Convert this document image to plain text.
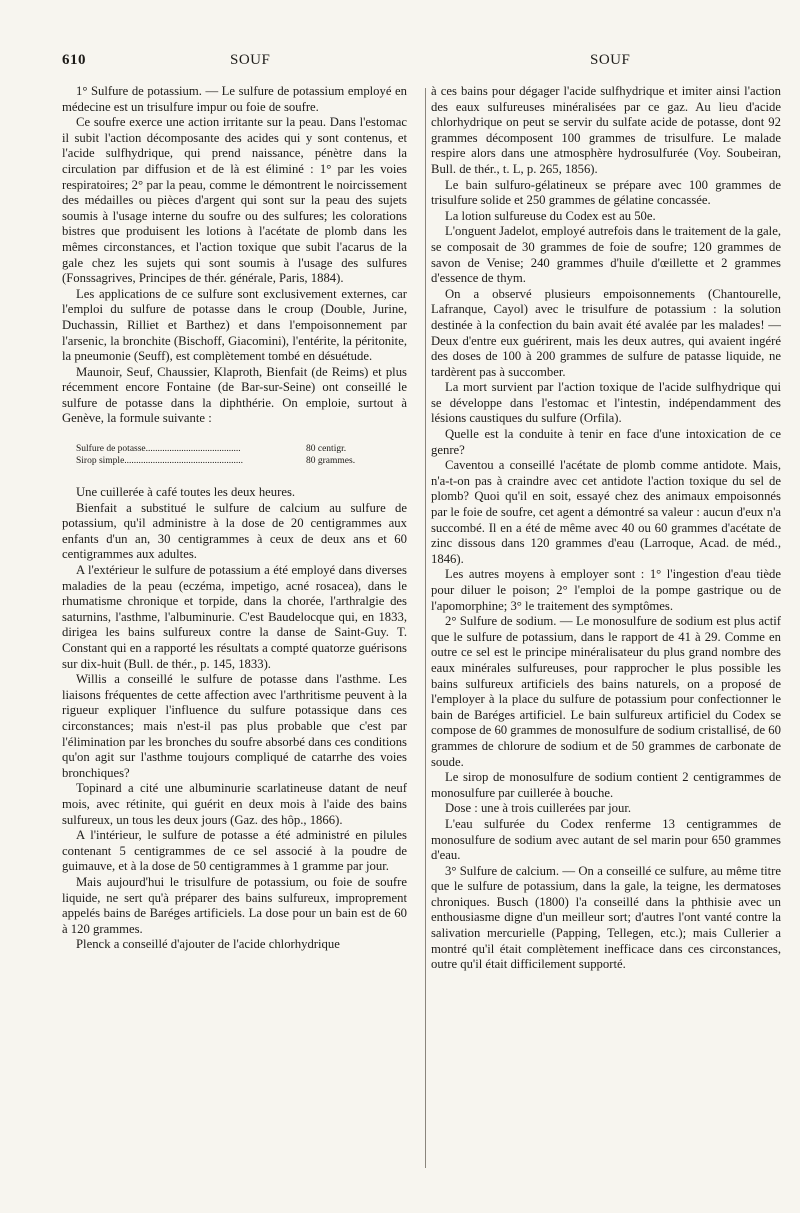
610	SOUF	SOUF

1° Sulfure de potassium. — Le sulfure de potassium employé en médecine est un trisulfure impur ou foie de soufre.

Ce soufre exerce une action irritante sur la peau. Dans l'estomac il subit l'action décomposante des acides qui y sont contenus, et l'acide sulfhydrique, qui prend naissance, pénètre dans la circulation par diffusion et de là est éliminé : 1° par les voies respiratoires; 2° par la peau, comme le démontrent le noircissement des médailles ou pièces d'argent qui sont sur la peau des sujets soumis à l'usage interne du soufre ou des sulfures; les colorations bistres que produisent les lotions à l'acétate de plomb dans les mêmes circonstances, et l'action toxique que subit l'acarus de la gale chez les sujets qui sont soumis à l'usage des sulfures (Fonssagrives, Principes de thér. générale, Paris, 1884).

Les applications de ce sulfure sont exclusivement externes, car l'emploi du sulfure de potasse dans le croup (Double, Jurine, Duchassin, Rilliet et Barthez) et dans l'empoisonnement par l'arsenic, la bronchite (Bischoff, Giacomini), l'entérite, la péritonite, la pneumonie (Seuff), est complètement tombé en désuétude.

Maunoir, Seuf, Chaussier, Klaproth, Bienfait (de Reims) et plus récemment encore Fontaine (de Bar-sur-Seine) ont conseillé le sulfure de potasse dans la diphthérie. On emploie, surtout à Genève, la formule suivante :

Sulfure de potasse........................................	80 centigr.
Sirop simple..................................................	80 grammes.

Une cuillerée à café toutes les deux heures.

Bienfait a substitué le sulfure de calcium au sulfure de potassium, qu'il administre à la dose de 20 centigrammes aux enfants d'un an, 30 centigrammes à ceux de deux ans et 60 centigrammes aux adultes.

A l'extérieur le sulfure de potassium a été employé dans diverses maladies de la peau (eczéma, impetigo, acné rosacea), dans le rhumatisme chronique et torpide, dans la chorée, l'arthralgie des saturnins, l'asthme, l'albuminurie. C'est Baudelocque qui, en 1833, dirigea les bains sulfureux contre la danse de Saint-Guy. T. Constant qui en a rapporté les résultats a compté quatorze guérisons sur dix-huit (Bull. de thér., p. 145, 1833).

Willis a conseillé le sulfure de potasse dans l'asthme. Les liaisons fréquentes de cette affection avec l'arthritisme peuvent à la rigueur expliquer l'influence du sulfure potassique dans ces circonstances; mais n'est-il pas plus probable que c'est par l'élimination par les bronches du soufre absorbé dans ces conditions qu'on agit sur l'asthme toujours compliqué de catarrhe des voies bronchiques?

Topinard a cité une albuminurie scarlatineuse datant de neuf mois, avec rétinite, qui guérit en deux mois à l'aide des bains sulfureux, un tous les deux jours (Gaz. des hôp., 1866).

A l'intérieur, le sulfure de potasse a été administré en pilules contenant 5 centigrammes de ce sel associé à la poudre de guimauve, et à la dose de 50 centigrammes à 1 gramme par jour.

Mais aujourd'hui le trisulfure de potassium, ou foie de soufre liquide, ne sert qu'à préparer des bains sulfureux, improprement appelés bains de Baréges artificiels. La dose pour un bain est de 60 à 120 grammes.

Plenck a conseillé d'ajouter de l'acide chlorhydrique

à ces bains pour dégager l'acide sulfhydrique et imiter ainsi l'action des eaux sulfureuses minéralisées par ce gaz. Au lieu d'acide chlorhydrique on peut se servir du sulfate acide de potasse, dont 92 grammes décomposent 100 grammes de trisulfure. Le malade respire alors dans une atmosphère hydrosulfurée (Voy. Soubeiran, Bull. de thér., t. L, p. 265, 1856).

Le bain sulfuro-gélatineux se prépare avec 100 grammes de trisulfure solide et 250 grammes de gélatine concassée.

La lotion sulfureuse du Codex est au 50e.

L'onguent Jadelot, employé autrefois dans le traitement de la gale, se composait de 30 grammes de foie de soufre; 120 grammes de savon de Venise; 240 grammes d'huile d'œillette et 2 grammes d'essence de thym.

On a observé plusieurs empoisonnements (Chantourelle, Lafranque, Cayol) avec le trisulfure de potassium : la solution destinée à la confection du bain avait été avalée par les malades! — Deux d'entre eux guérirent, mais les deux autres, qui avaient ingéré des doses de 100 à 200 grammes de sulfure de patasse liquide, ne tardèrent pas à succomber.

La mort survient par l'action toxique de l'acide sulfhydrique qui se développe dans l'estomac et l'intestin, indépendamment des lésions caustiques du sulfure (Orfila).

Quelle est la conduite à tenir en face d'une intoxication de ce genre?

Caventou a conseillé l'acétate de plomb comme antidote. Mais, n'a-t-on pas à craindre avec cet antidote l'action toxique du sel de plomb? Quoi qu'il en soit, essayé chez des animaux empoisonnés par le foie de soufre, cet agent a démontré sa valeur : aucun d'eux n'a succombé. Il en a été de même avec 40 ou 60 grammes d'acétate de zinc dissous dans 120 grammes d'eau (Larroque, Acad. de méd., 1846).

Les autres moyens à employer sont : 1° l'ingestion d'eau tiède pour diluer le poison; 2° l'emploi de la pompe gastrique ou de l'apomorphine; 3° le traitement des symptômes.

2° Sulfure de sodium. — Le monosulfure de sodium est plus actif que le sulfure de potassium, dans le rapport de 41 à 29. Comme en outre ce sel est le principe minéralisateur du plus grand nombre des eaux minérales sulfureuses, pour rapprocher le plus possible les bains sulfureux artificiels des bains naturels, on a proposé de l'employer à la place du sulfure de potassium pour confectionner le bain de Baréges artificiel. Le bain sulfureux artificiel du Codex se compose de 60 grammes de monosulfure de sodium cristallisé, de 60 grammes de chlorure de sodium et de 50 grammes de carbonate de soude.

Le sirop de monosulfure de sodium contient 2 centigrammes de monosulfure par cuillerée à bouche.

Dose : une à trois cuillerées par jour.

L'eau sulfurée du Codex renferme 13 centigrammes de monosulfure de sodium avec autant de sel marin pour 650 grammes d'eau.

3° Sulfure de calcium. — On a conseillé ce sulfure, au même titre que le sulfure de potassium, dans la gale, la teigne, les dermatoses chroniques. Busch (1800) l'a conseillé dans la phthisie avec un enthousiasme digne d'un meilleur sort; d'autres l'ont vanté contre la salivation mercurielle (Papping, Tellegen, etc.); mais Cullerier a montré qu'il était complètement inefficace dans ces circonstances, outre qu'il était difficilement supporté.
